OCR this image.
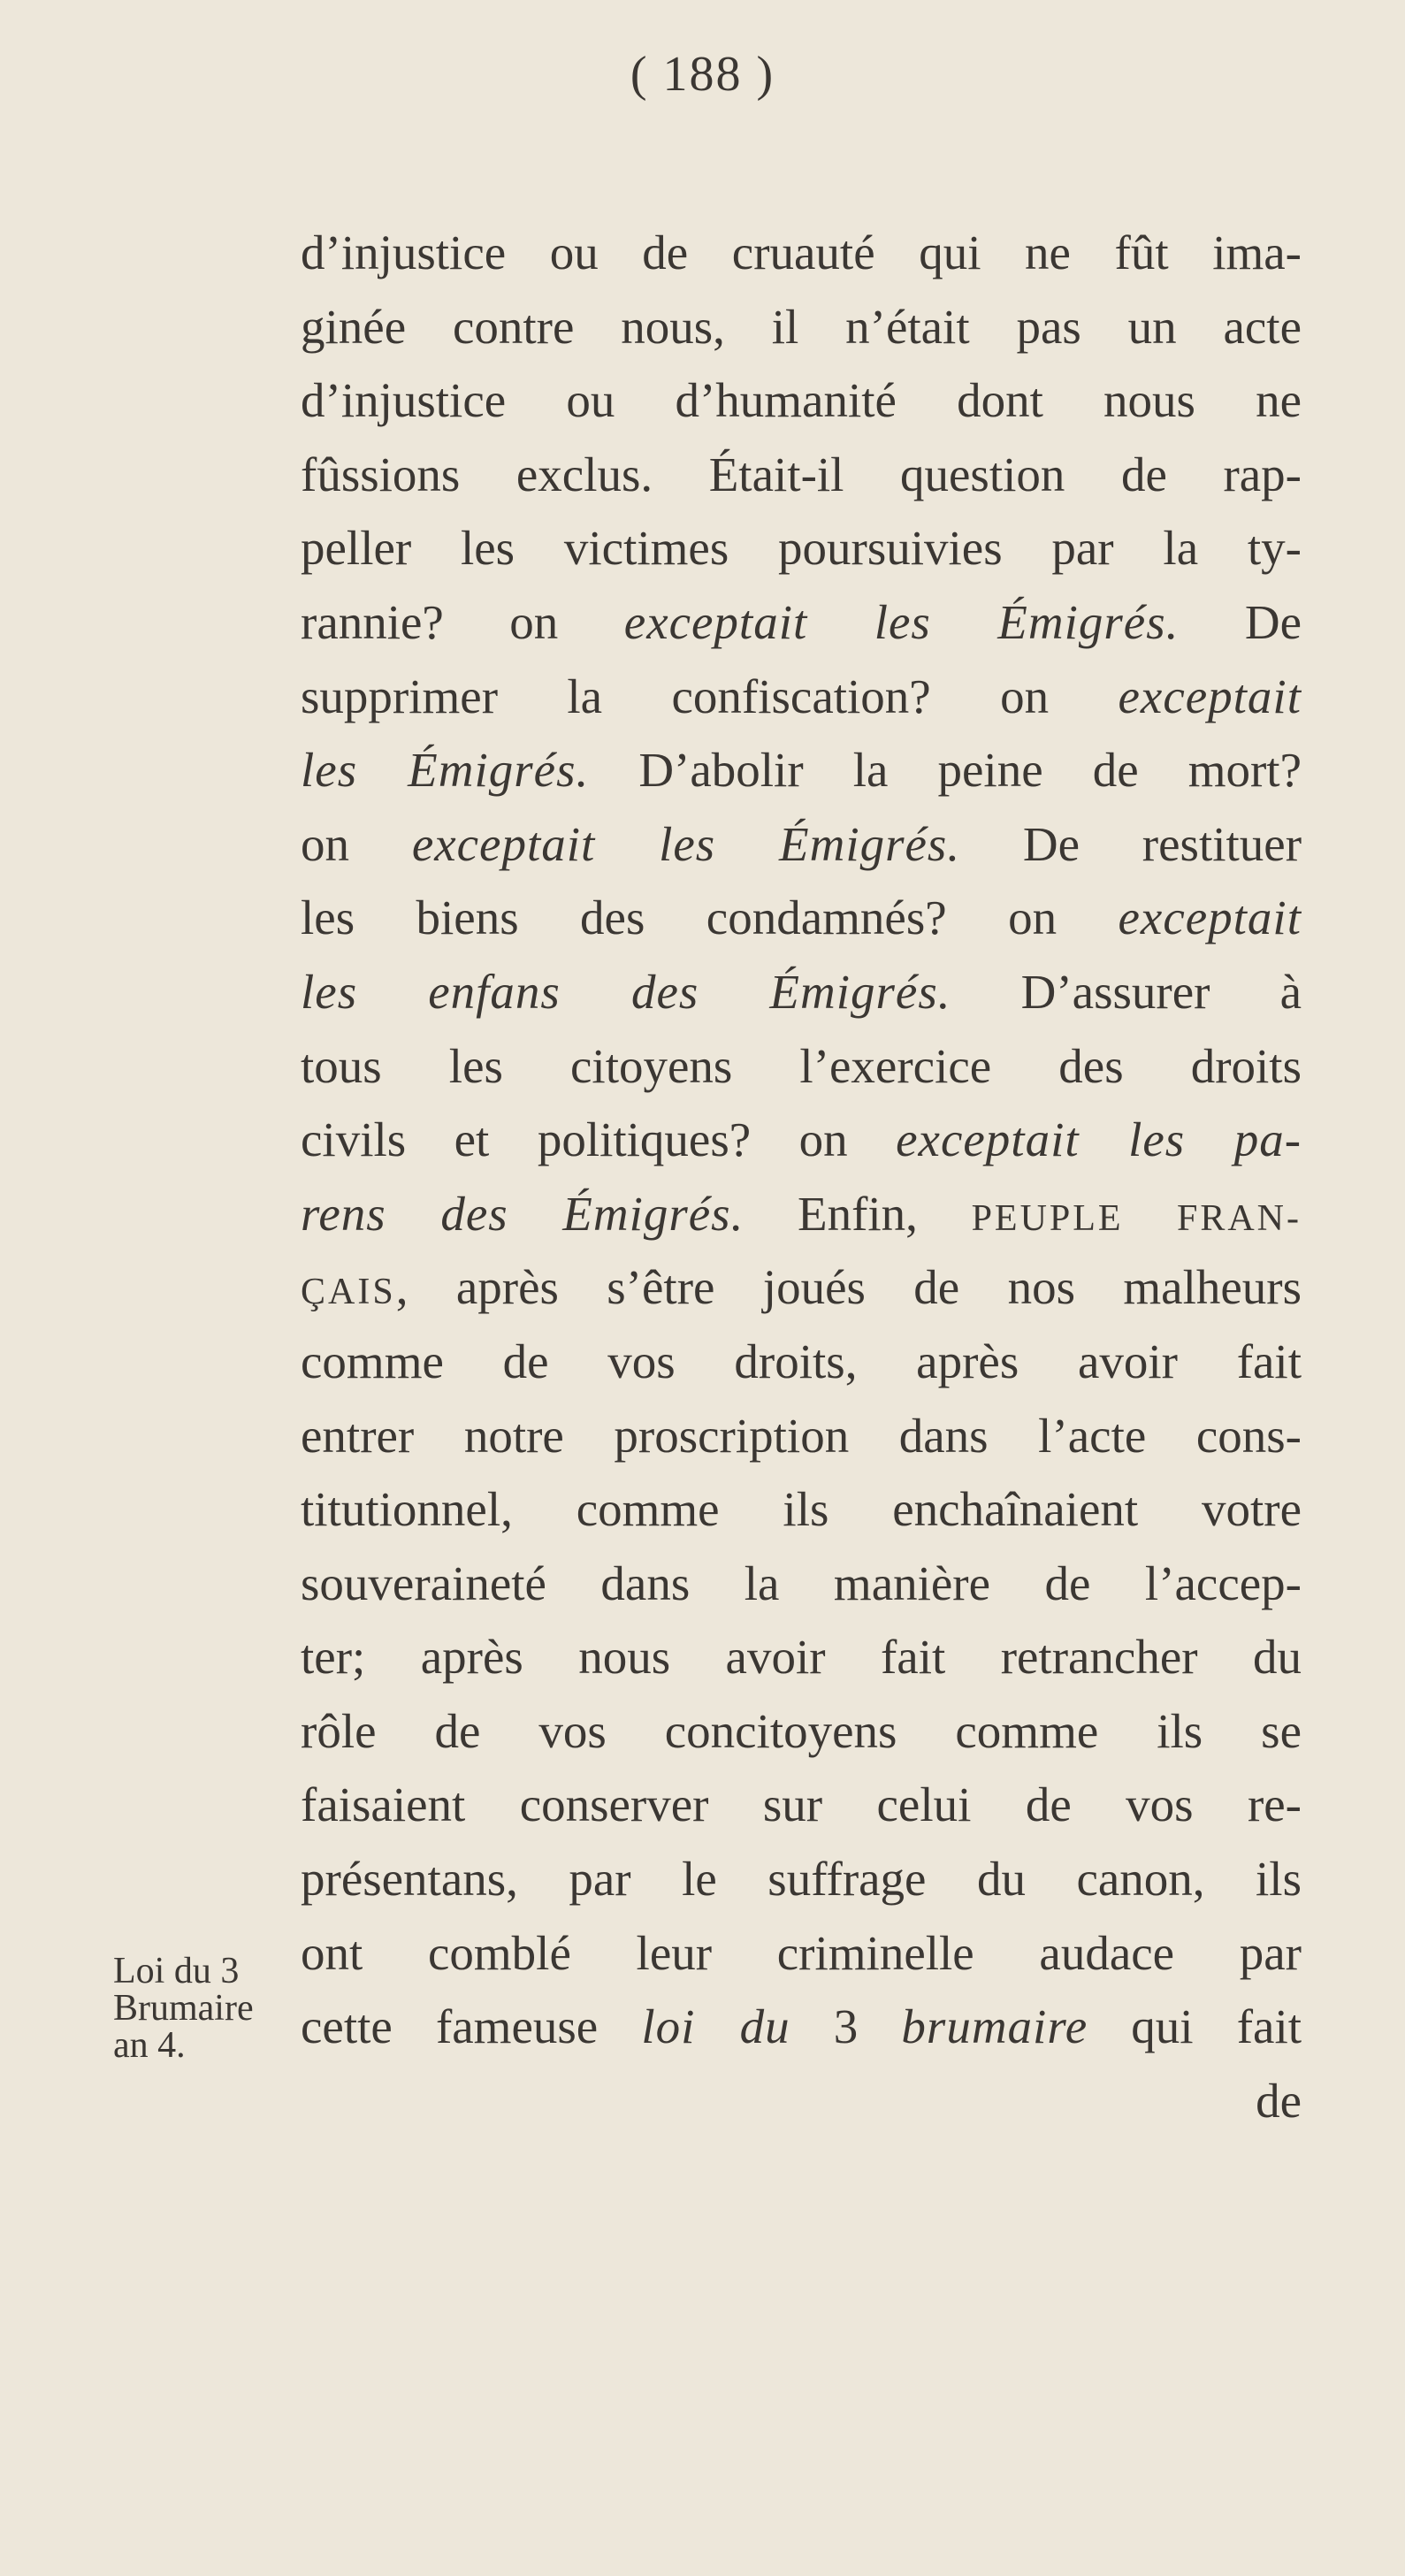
( 188 )
d’injustice ou de cruauté qui ne fût ima-
ginée contre nous, il n’était pas un acte
d’injustice ou d’humanité dont nous ne
fûssions exclus. Était-il question de rap-
peller les victimes poursuivies par la ty-
rannie? on exceptait les Émigrés. De
supprimer la confiscation? on exceptait
les Émigrés. D’abolir la peine de mort?
on exceptait les Émigrés. De restituer
les biens des condamnés? on exceptait
les enfans des Émigrés. D’assurer à
tous les citoyens l’exercice des droits
civils et politiques? on exceptait les pa-
rens des Émigrés. Enfin, PEUPLE FRAN-
ÇAIS, après s’être joués de nos malheurs
comme de vos droits, après avoir fait
entrer notre proscription dans l’acte cons-
titutionnel, comme ils enchaînaient votre
souveraineté dans la manière de l’accep-
ter; après nous avoir fait retrancher du
rôle de vos concitoyens comme ils se
faisaient conserver sur celui de vos re-
présentans, par le suffrage du canon, ils
ont comblé leur criminelle audace par
cette fameuse loi du 3 brumaire qui fait
de
Loi du 3
Brumaire
an 4.
